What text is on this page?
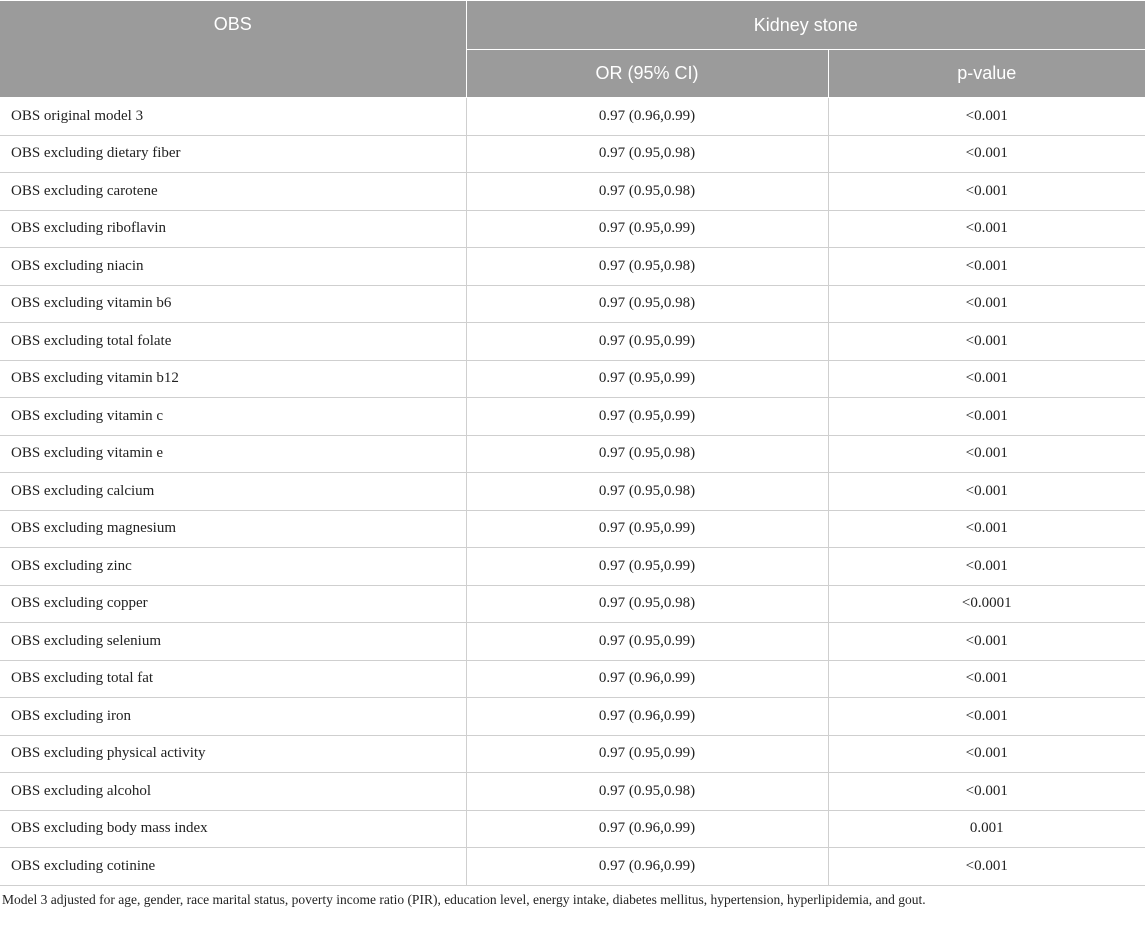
OBS	Kidney stone	
	OR (95% CI)	p-value
OBS original model 3	0.97 (0.96,0.99)	<0.001
OBS excluding dietary fiber	0.97 (0.95,0.98)	<0.001
OBS excluding carotene	0.97 (0.95,0.98)	<0.001
OBS excluding riboflavin	0.97 (0.95,0.99)	<0.001
OBS excluding niacin	0.97 (0.95,0.98)	<0.001
OBS excluding vitamin b6	0.97 (0.95,0.98)	<0.001
OBS excluding total folate	0.97 (0.95,0.99)	<0.001
OBS excluding vitamin b12	0.97 (0.95,0.99)	<0.001
OBS excluding vitamin c	0.97 (0.95,0.99)	<0.001
OBS excluding vitamin e	0.97 (0.95,0.98)	<0.001
OBS excluding calcium	0.97 (0.95,0.98)	<0.001
OBS excluding magnesium	0.97 (0.95,0.99)	<0.001
OBS excluding zinc	0.97 (0.95,0.99)	<0.001
OBS excluding copper	0.97 (0.95,0.98)	<0.0001
OBS excluding selenium	0.97 (0.95,0.99)	<0.001
OBS excluding total fat	0.97 (0.96,0.99)	<0.001
OBS excluding iron	0.97 (0.96,0.99)	<0.001
OBS excluding physical activity	0.97 (0.95,0.99)	<0.001
OBS excluding alcohol	0.97 (0.95,0.98)	<0.001
OBS excluding body mass index	0.97 (0.96,0.99)	0.001
OBS excluding cotinine	0.97 (0.96,0.99)	<0.001
Model 3 adjusted for age, gender, race marital status, poverty income ratio (PIR), education level, energy intake, diabetes mellitus, hypertension, hyperlipidemia, and gout.
